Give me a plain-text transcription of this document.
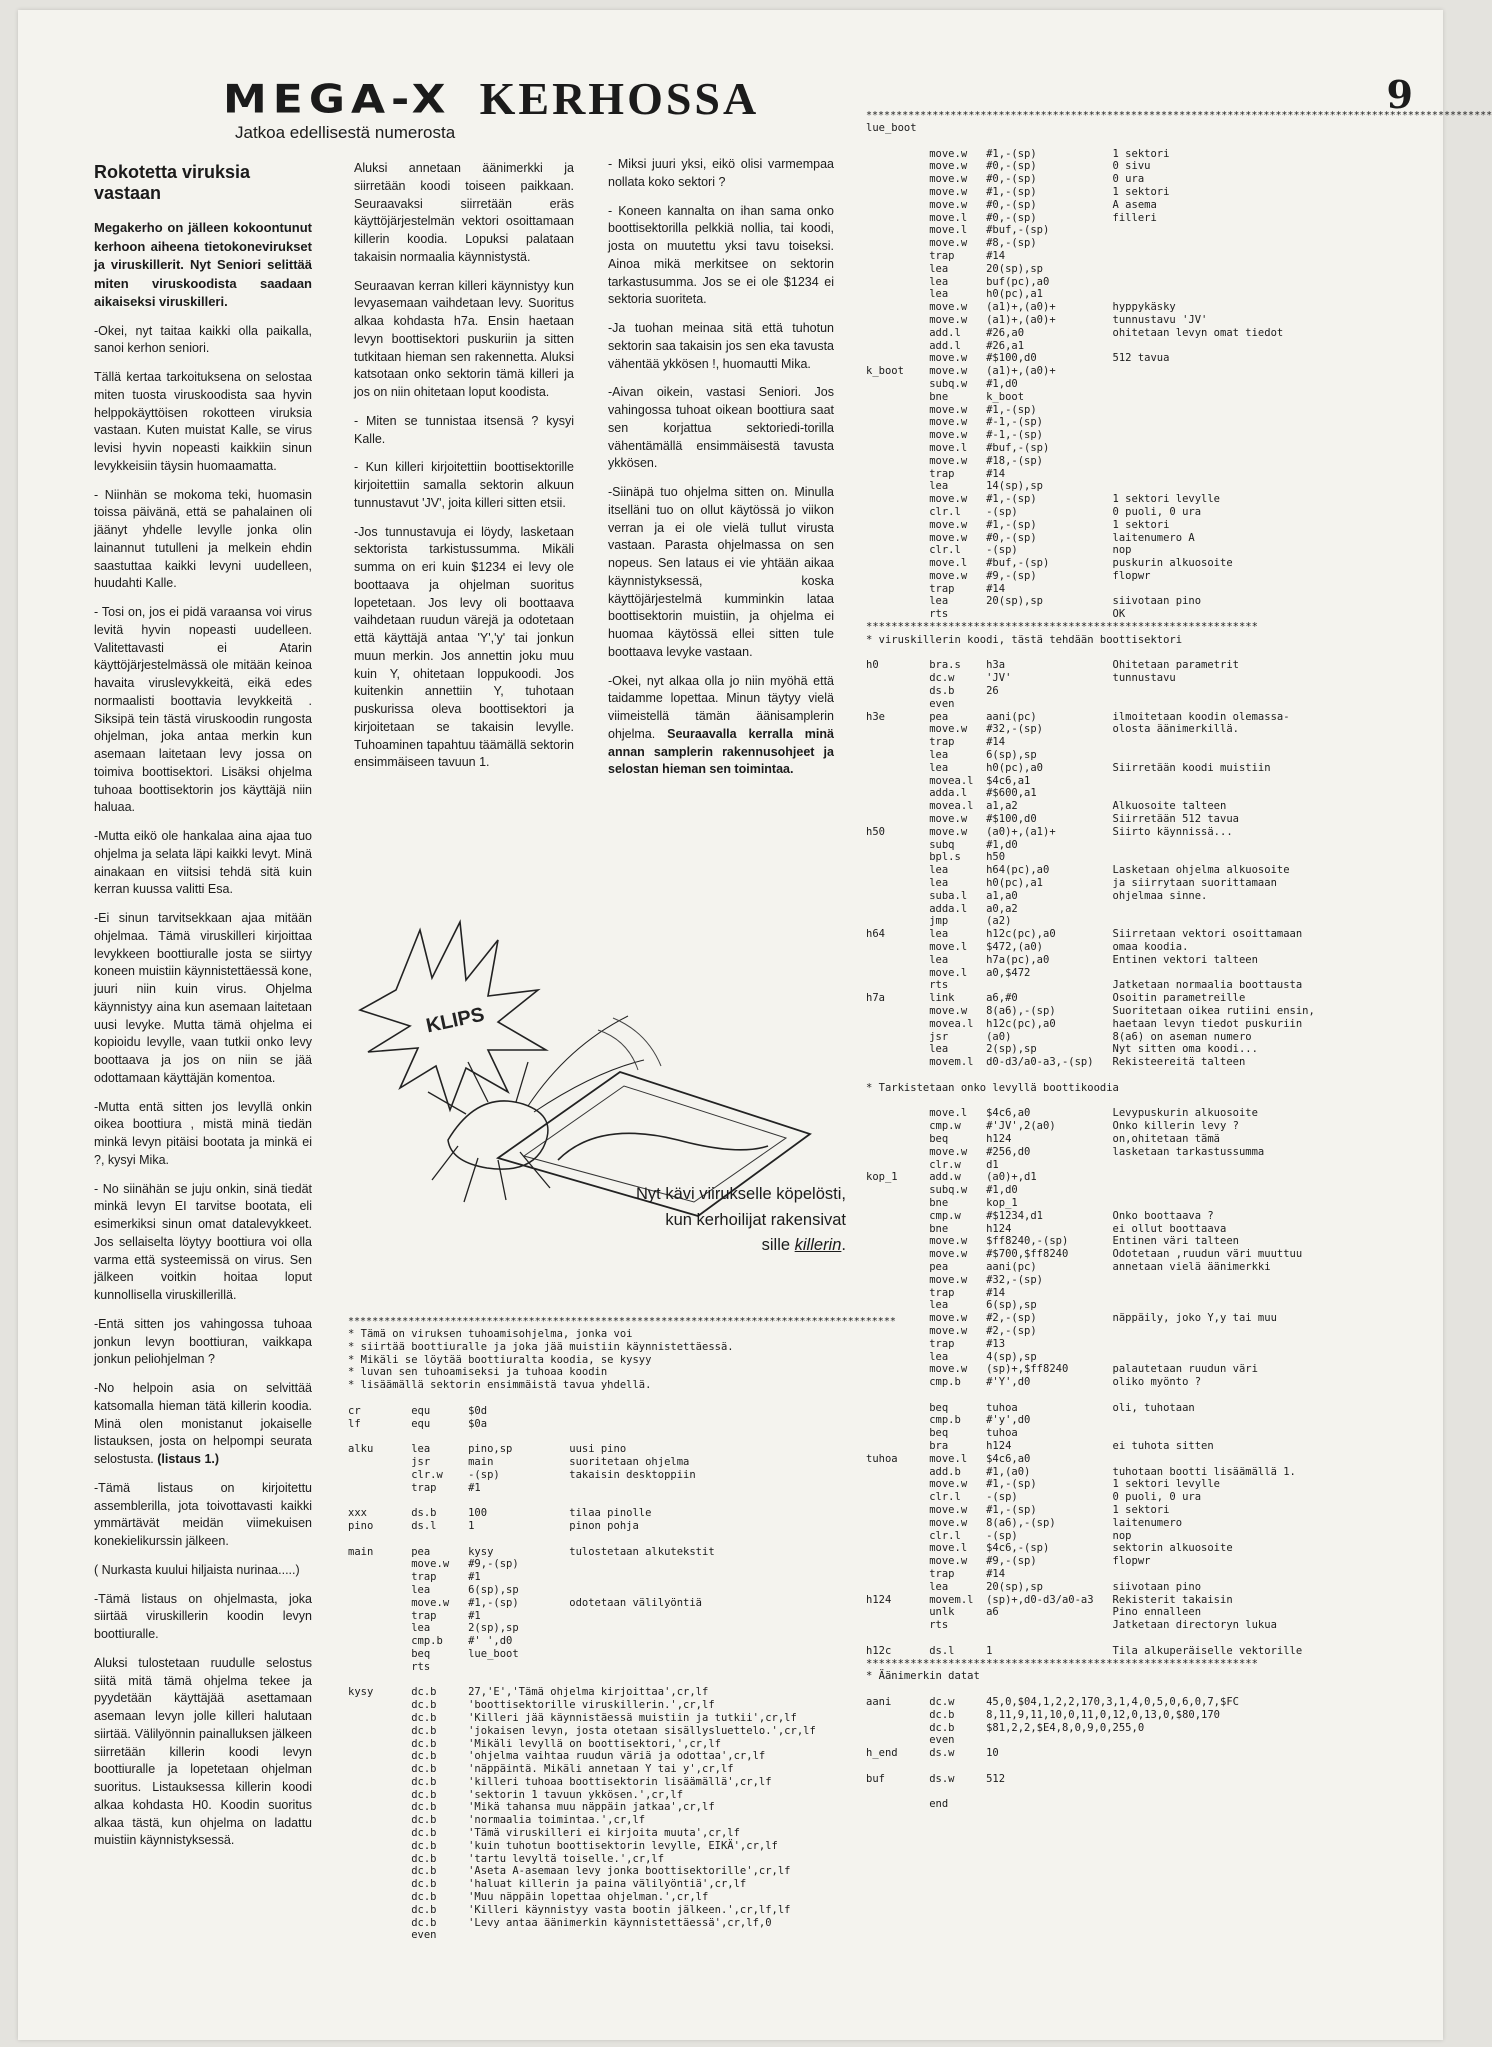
9
MEGA-X KERHOSSA
Jatkoa edellisestä numerosta
Rokotetta viruksia vastaan

Megakerho on jälleen kokoontunut kerhoon aiheena tietokonevirukset ja viruskillerit. Nyt Seniori selittää miten viruskoodista saadaan aikaiseksi viruskilleri.

-Okei, nyt taitaa kaikki olla paikalla, sanoi kerhon seniori.

Tällä kertaa tarkoituksena on selostaa miten tuosta viruskoodista saa hyvin helppokäyttöisen rokotteen viruksia vastaan. Kuten muistat Kalle, se virus levisi hyvin nopeasti kaikkiin sinun levykkeisiin täysin huomaamatta.

- Niinhän se mokoma teki, huomasin toissa päivänä, että se pahalainen oli jäänyt yhdelle levylle jonka olin lainannut tutulleni ja melkein ehdin saastuttaa kaikki levyni uudelleen, huudahti Kalle.

- Tosi on, jos ei pidä varaansa voi virus levitä hyvin nopeasti uudelleen. Valitettavasti ei Atarin käyttöjärjestelmässä ole mitään keinoa havaita viruslevykkeitä, eikä edes normaalisti boottavia levykkeitä . Siksipä tein tästä viruskoodin rungosta ohjelman, joka antaa merkin kun asemaan laitetaan levy jossa on toimiva boottisektori. Lisäksi ohjelma tuhoaa boottisektorin jos käyttäjä niin haluaa.

-Mutta eikö ole hankalaa aina ajaa tuo ohjelma ja selata läpi kaikki levyt. Minä ainakaan en viitsisi tehdä sitä kuin kerran kuussa valitti Esa.

-Ei sinun tarvitsekkaan ajaa mitään ohjelmaa. Tämä viruskilleri kirjoittaa levykkeen boottiuralle josta se siirtyy koneen muistiin käynnistettäessä kone, juuri niin kuin virus. Ohjelma käynnistyy aina kun asemaan laitetaan uusi levyke. Mutta tämä ohjelma ei kopioidu levylle, vaan tutkii onko levy boottaava ja jos on niin se jää odottamaan käyttäjän komentoa.

-Mutta entä sitten jos levyllä onkin oikea boottiura , mistä minä tiedän minkä levyn pitäisi bootata ja minkä ei ?, kysyi Mika.

- No siinähän se juju onkin, sinä tiedät minkä levyn EI tarvitse bootata, eli esimerkiksi sinun omat datalevykkeet. Jos sellaiselta löytyy boottiura voi olla varma että systeemissä on virus. Sen jälkeen voitkin hoitaa loput kunnollisella viruskillerillä.

-Entä sitten jos vahingossa tuhoaa jonkun levyn boottiuran, vaikkapa jonkun peliohjelman ?

-No helpoin asia on selvittää katsomalla hieman tätä killerin koodia. Minä olen monistanut jokaiselle listauksen, josta on helpompi seurata selostusta. (listaus 1.)

-Tämä listaus on kirjoitettu assemblerilla, jota toivottavasti kaikki ymmärtävät meidän viimekuisen konekielikurssin jälkeen.

( Nurkasta kuului hiljaista nurinaa.....)

-Tämä listaus on ohjelmasta, joka siirtää viruskillerin koodin levyn boottiuralle.

Aluksi tulostetaan ruudulle selostus siitä mitä tämä ohjelma tekee ja pyydetään käyttäjää asettamaan asemaan levyn jolle killeri halutaan siirtää. Välilyönnin painalluksen jälkeen siirretään killerin koodi levyn boottiuralle ja lopetetaan ohjelman suoritus. Listauksessa killerin koodi alkaa kohdasta H0. Koodin suoritus alkaa tästä, kun ohjelma on ladattu muistiin käynnistyksessä.

Aluksi annetaan äänimerkki ja siirretään koodi toiseen paikkaan. Seuraavaksi siirretään eräs käyttöjärjestelmän vektori osoittamaan killerin koodia. Lopuksi palataan takaisin normaalia käynnistystä.

Seuraavan kerran killeri käynnistyy kun levyasemaan vaihdetaan levy. Suoritus alkaa kohdasta h7a. Ensin haetaan levyn boottisektori puskuriin ja sitten tutkitaan hieman sen rakennetta. Aluksi katsotaan onko sektorin tämä killeri ja jos on niin ohitetaan loput koodista.

- Miten se tunnistaa itsensä ? kysyi Kalle.

- Kun killeri kirjoitettiin boottisektorille kirjoitettiin samalla sektorin alkuun tunnustavut 'JV', joita killeri sitten etsii.

-Jos tunnustavuja ei löydy, lasketaan sektorista tarkistussumma. Mikäli summa on eri kuin $1234 ei levy ole boottaava ja ohjelman suoritus lopetetaan. Jos levy oli boottaava vaihdetaan ruudun värejä ja odotetaan että käyttäjä antaa 'Y','y' tai jonkun muun merkin. Jos annettin joku muu kuin Y, ohitetaan loppukoodi. Jos kuitenkin annettiin Y, tuhotaan puskurissa oleva boottisektori ja kirjoitetaan se takaisin levylle. Tuhoaminen tapahtuu täämällä sektorin ensimmäiseen tavuun 1.

- Miksi juuri yksi, eikö olisi varmempaa nollata koko sektori ?

- Koneen kannalta on ihan sama onko boottisektorilla pelkkiä nollia, tai koodi, josta on muutettu yksi tavu toiseksi. Ainoa mikä merkitsee on sektorin tarkastusumma. Jos se ei ole $1234 ei sektoria suoriteta.

-Ja tuohan meinaa sitä että tuhotun sektorin saa takaisin jos sen eka tavusta vähentää ykkösen !, huomautti Mika.

-Aivan oikein, vastasi Seniori. Jos vahingossa tuhoat oikean boottiura saat sen korjattua sektoriedi-torilla vähentämällä ensimmäisestä tavusta ykkösen.

-Siinäpä tuo ohjelma sitten on. Minulla itselläni tuo on ollut käytössä jo viikon verran ja ei ole vielä tullut virusta vastaan. Parasta ohjelmassa on sen nopeus. Sen lataus ei vie yhtään aikaa käynnistyksessä, koska käyttöjärjestelmä kumminkin lataa boottisektorin muistiin, ja ohjelma ei huomaa käytössä ellei sitten tule boottaava levyke vastaan.

-Okei, nyt alkaa olla jo niin myöhä että taidamme lopettaa. Minun täytyy vielä viimeistellä tämän äänisamplerin ohjelma. Seuraavalla kerralla minä annan samplerin rakennusohjeet ja selostan hieman sen toimintaa.

KLIPS
Nyt kävi viirukselle köpelösti, kun kerhoilijat rakensivat sille killerin.
********************************************************************************************************
lue_boot

move.w   #1,-(sp)            1 sektori
move.w   #0,-(sp)            0 sivu
move.w   #0,-(sp)            0 ura
move.w   #1,-(sp)            1 sektori
move.w   #0,-(sp)            A asema
move.l   #0,-(sp)            filleri
move.l   #buf,-(sp)
move.w   #8,-(sp)
trap     #14
lea      20(sp),sp
lea      buf(pc),a0
lea      h0(pc),a1
move.w   (a1)+,(a0)+         hyppykäsky
move.w   (a1)+,(a0)+         tunnustavu 'JV'
add.l    #26,a0              ohitetaan levyn omat tiedot
add.l    #26,a1
move.w   #$100,d0            512 tavua
k_boot    move.w   (a1)+,(a0)+
subq.w   #1,d0
bne      k_boot
move.w   #1,-(sp)
move.w   #-1,-(sp)
move.w   #-1,-(sp)
move.l   #buf,-(sp)
move.w   #18,-(sp)
trap     #14
lea      14(sp),sp
move.w   #1,-(sp)            1 sektori levylle
clr.l    -(sp)               0 puoli, 0 ura
move.w   #1,-(sp)            1 sektori
move.w   #0,-(sp)            laitenumero A
clr.l    -(sp)               nop
move.l   #buf,-(sp)          puskurin alkuosoite
move.w   #9,-(sp)            flopwr
trap     #14
lea      20(sp),sp           siivotaan pino
rts                          OK
**************************************************************
* viruskillerin koodi, tästä tehdään boottisektori

h0        bra.s    h3a                 Ohitetaan parametrit
dc.w     'JV'                tunnustavu
ds.b     26
even
h3e       pea      aani(pc)            ilmoitetaan koodin olemassa-
move.w   #32,-(sp)           olosta äänimerkillä.
trap     #14
lea      6(sp),sp
lea      h0(pc),a0           Siirretään koodi muistiin
movea.l  $4c6,a1
adda.l   #$600,a1
movea.l  a1,a2               Alkuosoite talteen
move.w   #$100,d0            Siirretään 512 tavua
h50       move.w   (a0)+,(a1)+         Siirto käynnissä...
subq     #1,d0
bpl.s    h50
lea      h64(pc),a0          Lasketaan ohjelma alkuosoite
lea      h0(pc),a1           ja siirrytaan suorittamaan
suba.l   a1,a0               ohjelmaa sinne.
adda.l   a0,a2
jmp      (a2)
h64       lea      h12c(pc),a0         Siirretaan vektori osoittamaan
move.l   $472,(a0)           omaa koodia.
lea      h7a(pc),a0          Entinen vektori talteen
move.l   a0,$472
rts                          Jatketaan normaalia boottausta
h7a       link     a6,#0               Osoitin parametreille
move.w   8(a6),-(sp)         Suoritetaan oikea rutiini ensin,
movea.l  h12c(pc),a0         haetaan levyn tiedot puskuriin
jsr      (a0)                8(a6) on aseman numero
lea      2(sp),sp            Nyt sitten oma koodi...
movem.l  d0-d3/a0-a3,-(sp)   Rekisteereitä talteen

* Tarkistetaan onko levyllä boottikoodia

move.l   $4c6,a0             Levypuskurin alkuosoite
cmp.w    #'JV',2(a0)         Onko killerin levy ?
beq      h124                on,ohitetaan tämä
move.w   #256,d0             lasketaan tarkastussumma
clr.w    d1
kop_1     add.w    (a0)+,d1
subq.w   #1,d0
bne      kop_1
cmp.w    #$1234,d1           Onko boottaava ?
bne      h124                ei ollut boottaava
move.w   $ff8240,-(sp)       Entinen väri talteen
move.w   #$700,$ff8240       Odotetaan ,ruudun väri muuttuu
pea      aani(pc)            annetaan vielä äänimerkki
move.w   #32,-(sp)
trap     #14
lea      6(sp),sp
move.w   #2,-(sp)            näppäily, joko Y,y tai muu
move.w   #2,-(sp)
trap     #13
lea      4(sp),sp
move.w   (sp)+,$ff8240       palautetaan ruudun väri
cmp.b    #'Y',d0             oliko myönto ?

beq      tuhoa               oli, tuhotaan
cmp.b    #'y',d0
beq      tuhoa
bra      h124                ei tuhota sitten
tuhoa     move.l   $4c6,a0
add.b    #1,(a0)             tuhotaan bootti lisäämällä 1.
move.w   #1,-(sp)            1 sektori levylle
clr.l    -(sp)               0 puoli, 0 ura
move.w   #1,-(sp)            1 sektori
move.w   8(a6),-(sp)         laitenumero
clr.l    -(sp)               nop
move.l   $4c6,-(sp)          sektorin alkuosoite
move.w   #9,-(sp)            flopwr
trap     #14
lea      20(sp),sp           siivotaan pino
h124      movem.l  (sp)+,d0-d3/a0-a3   Rekisterit takaisin
unlk     a6                  Pino ennalleen
rts                          Jatketaan directoryn lukua

h12c      ds.l     1                   Tila alkuperäiselle vektorille
**************************************************************
* Äänimerkin datat

aani      dc.w     45,0,$04,1,2,2,170,3,1,4,0,5,0,6,0,7,$FC
dc.b     8,11,9,11,10,0,11,0,12,0,13,0,$80,170
dc.b     $81,2,2,$E4,8,0,9,0,255,0
even
h_end     ds.w     10

buf       ds.w     512

end
*******************************************************************************************
* Tämä on viruksen tuhoamisohjelma, jonka voi
* siirtää boottiuralle ja joka jää muistiin käynnistettäessä.
* Mikäli se löytää boottiuralta koodia, se kysyy
* luvan sen tuhoamiseksi ja tuhoaa koodin
* lisäämällä sektorin ensimmäistä tavua yhdellä.

cr        equ      $0d
lf        equ      $0a

alku      lea      pino,sp         uusi pino
jsr      main            suoritetaan ohjelma
clr.w    -(sp)           takaisin desktoppiin
trap     #1

xxx       ds.b     100             tilaa pinolle
pino      ds.l     1               pinon pohja

main      pea      kysy            tulostetaan alkutekstit
move.w   #9,-(sp)
trap     #1
lea      6(sp),sp
move.w   #1,-(sp)        odotetaan välilyöntiä
trap     #1
lea      2(sp),sp
cmp.b    #' ',d0
beq      lue_boot
rts

kysy      dc.b     27,'E','Tämä ohjelma kirjoittaa',cr,lf
dc.b     'boottisektorille viruskillerin.',cr,lf
dc.b     'Killeri jää käynnistäessä muistiin ja tutkii',cr,lf
dc.b     'jokaisen levyn, josta otetaan sisällysluettelo.',cr,lf
dc.b     'Mikäli levyllä on boottisektori,',cr,lf
dc.b     'ohjelma vaihtaa ruudun väriä ja odottaa',cr,lf
dc.b     'näppäintä. Mikäli annetaan Y tai y',cr,lf
dc.b     'killeri tuhoaa boottisektorin lisäämällä',cr,lf
dc.b     'sektorin 1 tavuun ykkösen.',cr,lf
dc.b     'Mikä tahansa muu näppäin jatkaa',cr,lf
dc.b     'normaalia toimintaa.',cr,lf
dc.b     'Tämä viruskilleri ei kirjoita muuta',cr,lf
dc.b     'kuin tuhotun boottisektorin levylle, EIKÄ',cr,lf
dc.b     'tartu levyltä toiselle.',cr,lf
dc.b     'Aseta A-asemaan levy jonka boottisektorille',cr,lf
dc.b     'haluat killerin ja paina välilyöntiä',cr,lf
dc.b     'Muu näppäin lopettaa ohjelman.',cr,lf
dc.b     'Killeri käynnistyy vasta bootin jälkeen.',cr,lf,lf
dc.b     'Levy antaa äänimerkin käynnistettäessä',cr,lf,0
even
